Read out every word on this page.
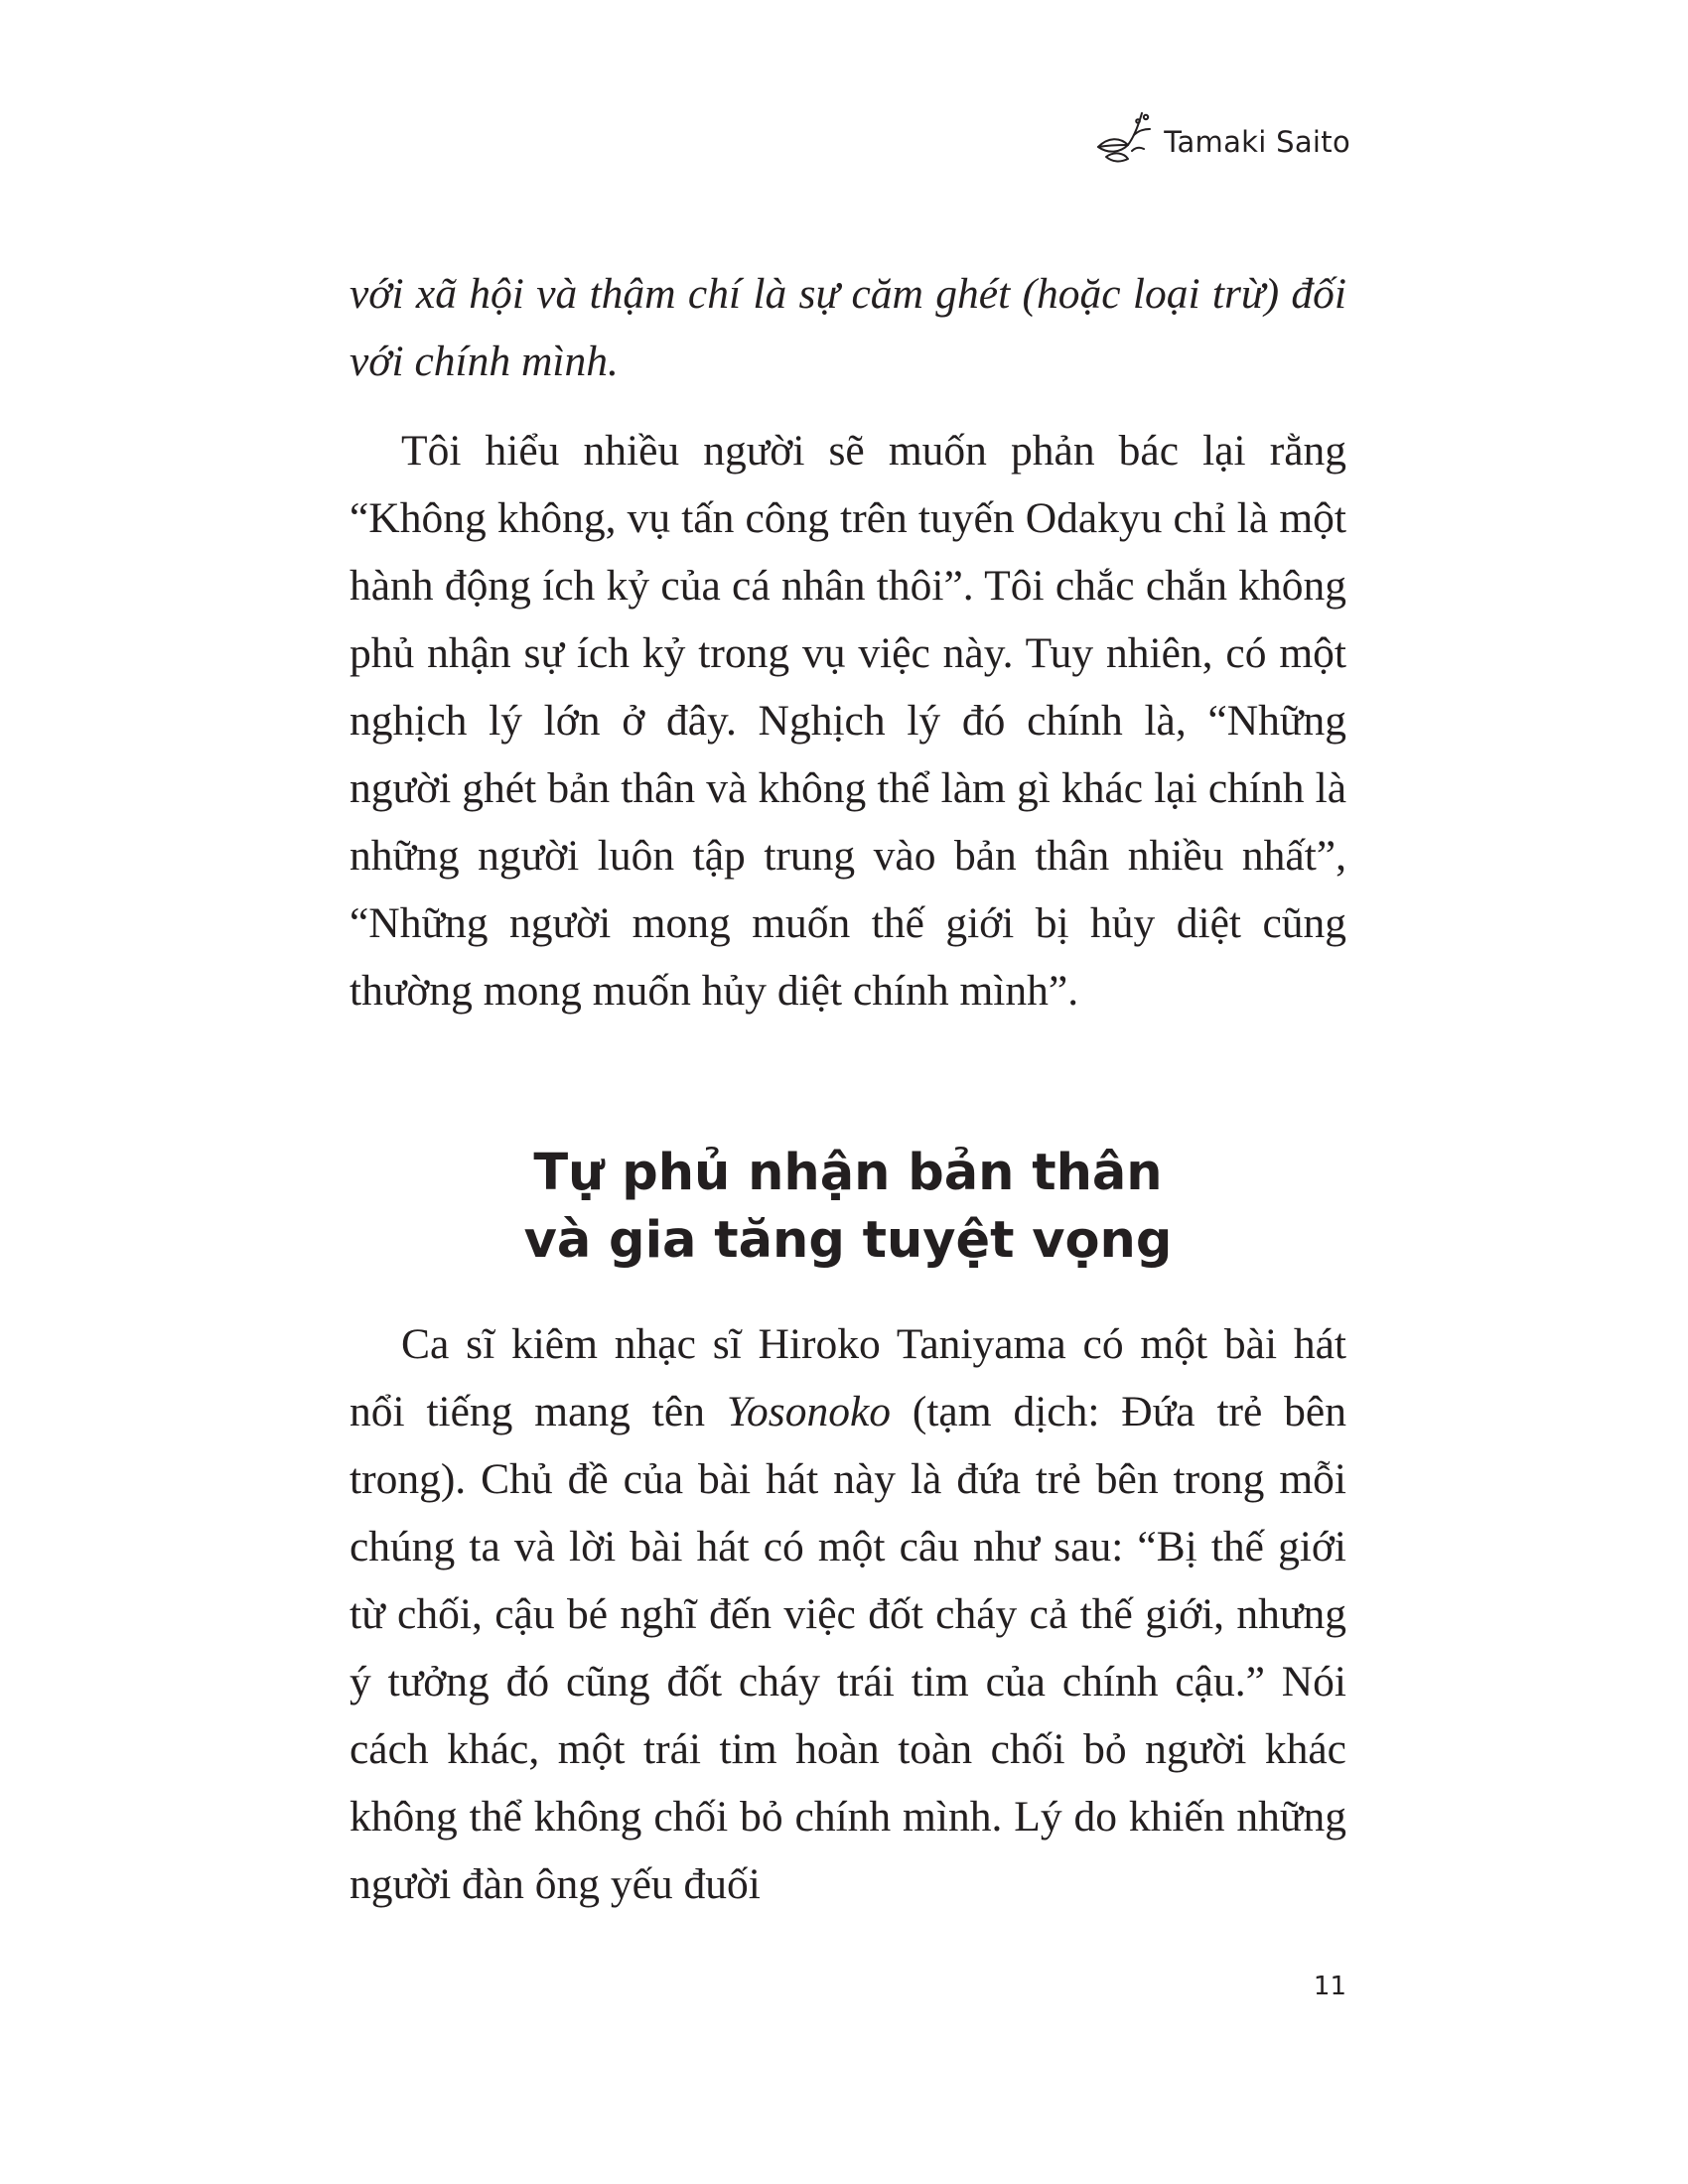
Tamaki Saito

với xã hội và thậm chí là sự căm ghét (hoặc loại trừ) đối với chính mình.

Tôi hiểu nhiều người sẽ muốn phản bác lại rằng “Không không, vụ tấn công trên tuyến Odakyu chỉ là một hành động ích kỷ của cá nhân thôi”. Tôi chắc chắn không phủ nhận sự ích kỷ trong vụ việc này. Tuy nhiên, có một nghịch lý lớn ở đây. Nghịch lý đó chính là, “Những người ghét bản thân và không thể làm gì khác lại chính là những người luôn tập trung vào bản thân nhiều nhất”, “Những người mong muốn thế giới bị hủy diệt cũng thường mong muốn hủy diệt chính mình”.

Tự phủ nhận bản thân
và gia tăng tuyệt vọng

Ca sĩ kiêm nhạc sĩ Hiroko Taniyama có một bài hát nổi tiếng mang tên Yosonoko (tạm dịch: Đứa trẻ bên trong). Chủ đề của bài hát này là đứa trẻ bên trong mỗi chúng ta và lời bài hát có một câu như sau: “Bị thế giới từ chối, cậu bé nghĩ đến việc đốt cháy cả thế giới, nhưng ý tưởng đó cũng đốt cháy trái tim của chính cậu.” Nói cách khác, một trái tim hoàn toàn chối bỏ người khác không thể không chối bỏ chính mình. Lý do khiến những người đàn ông yếu đuối

11
